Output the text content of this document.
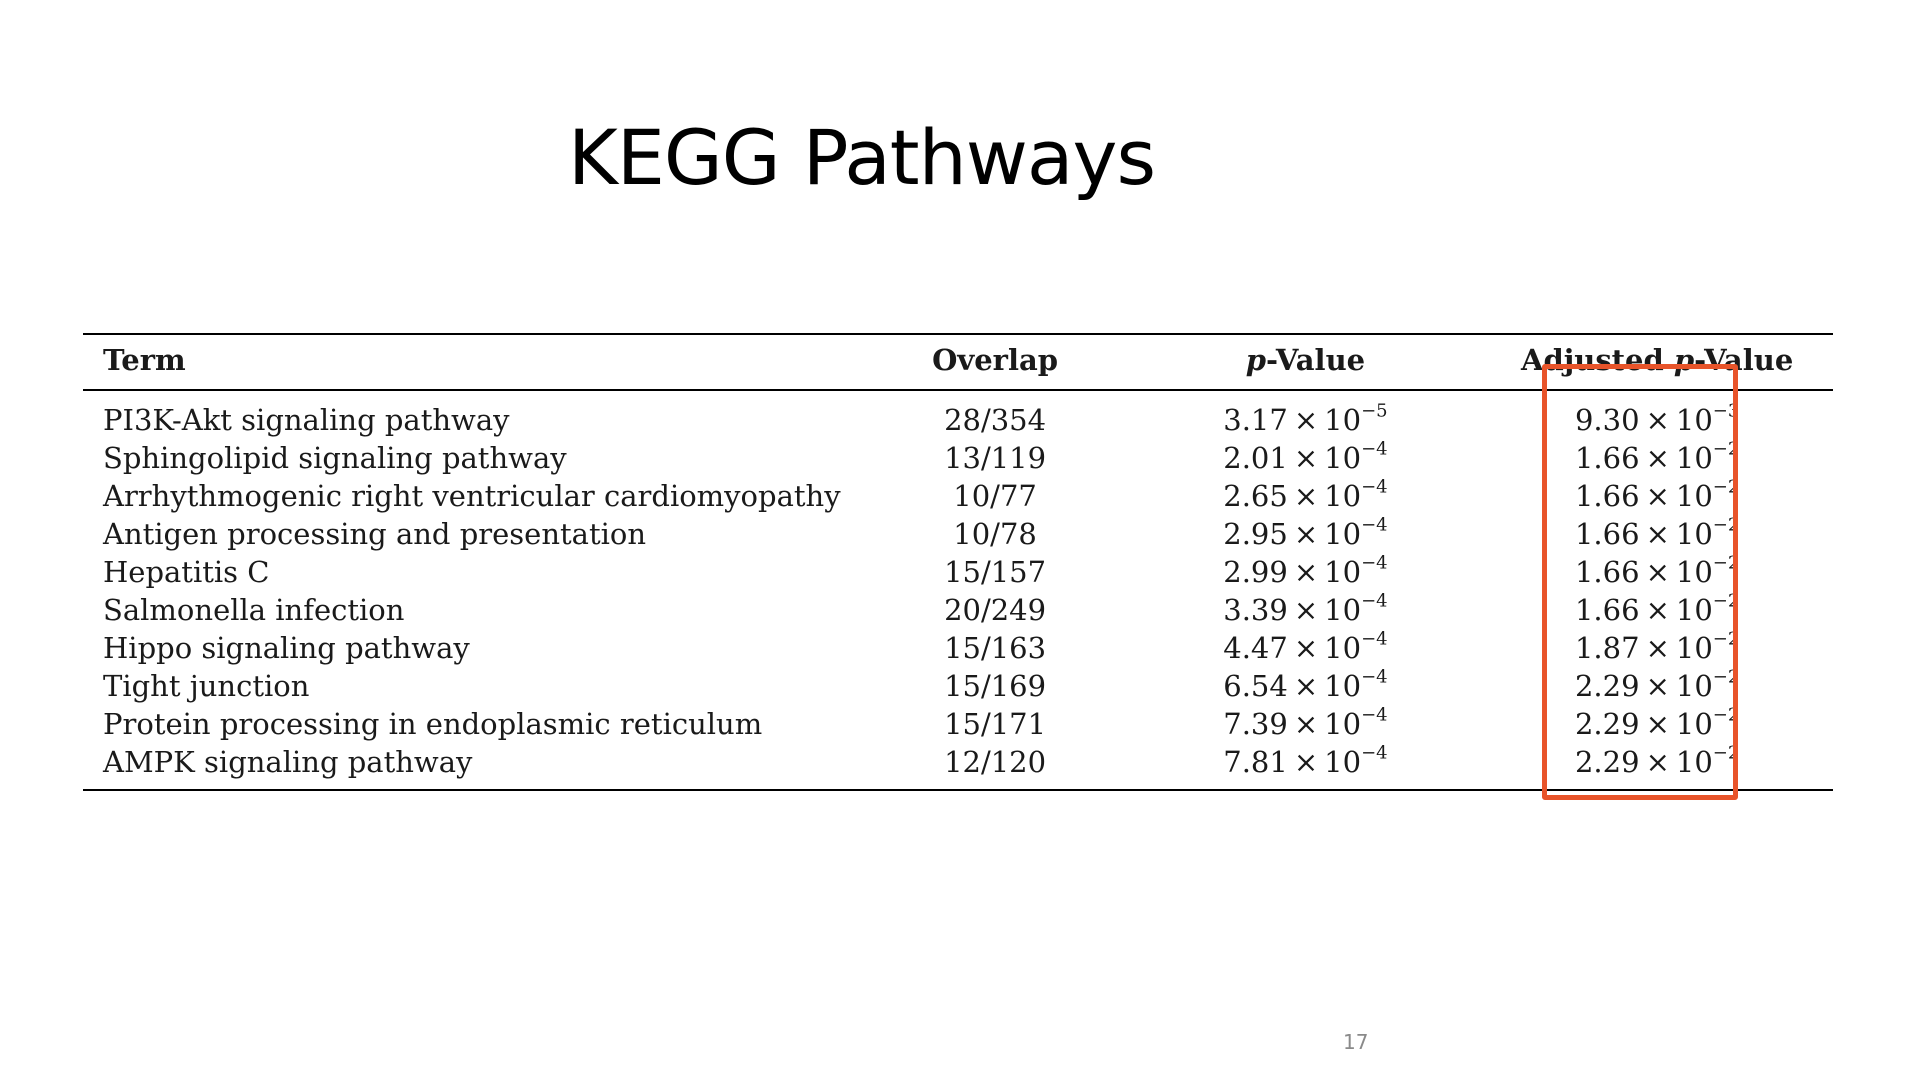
KEGG Pathways
Term	Overlap	p-Value	Adjusted p-Value
PI3K-Akt signaling pathway	28/354	$3.17 \times 10^{-5}$	$9.30 \times 10^{-3}$
Sphingolipid signaling pathway	13/119	$2.01 \times 10^{-4}$	$1.66 \times 10^{-2}$
Arrhythmogenic right ventricular cardiomyopathy	10/77	$2.65 \times 10^{-4}$	$1.66 \times 10^{-2}$
Antigen processing and presentation	10/78	$2.95 \times 10^{-4}$	$1.66 \times 10^{-2}$
Hepatitis C	15/157	$2.99 \times 10^{-4}$	$1.66 \times 10^{-2}$
Salmonella infection	20/249	$3.39 \times 10^{-4}$	$1.66 \times 10^{-2}$
Hippo signaling pathway	15/163	$4.47 \times 10^{-4}$	$1.87 \times 10^{-2}$
Tight junction	15/169	$6.54 \times 10^{-4}$	$2.29 \times 10^{-2}$
Protein processing in endoplasmic reticulum	15/171	$7.39 \times 10^{-4}$	$2.29 \times 10^{-2}$
AMPK signaling pathway	12/120	$7.81 \times 10^{-4}$	$2.29 \times 10^{-2}$
17
